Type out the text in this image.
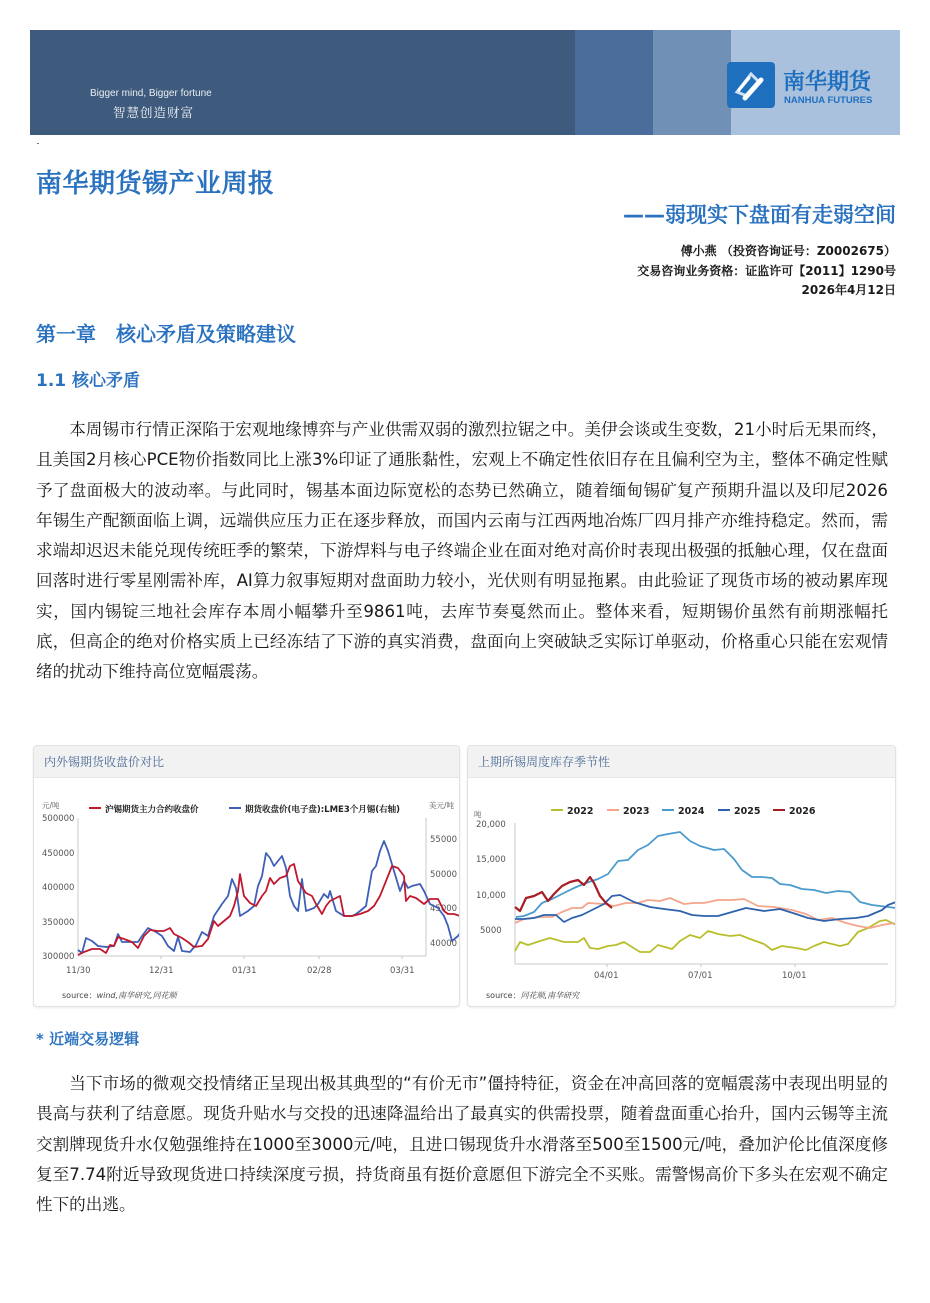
Bigger mind, Bigger fortune
智慧创造财富
南华期货
NANHUA FUTURES
南华期货锡产业周报
——弱现实下盘面有走弱空间
傅小燕 （投资咨询证号：Z0002675）
交易咨询业务资格：证监许可【2011】1290号
2026年4月12日
第一章　核心矛盾及策略建议
1.1 核心矛盾

本周锡市行情正深陷于宏观地缘博弈与产业供需双弱的激烈拉锯之中。美伊会谈或生变数，21小时后无果而终，且美国2月核心PCE物价指数同比上涨3%印证了通胀黏性，宏观上不确定性依旧存在且偏利空为主，整体不确定性赋予了盘面极大的波动率。与此同时，锡基本面边际宽松的态势已然确立，随着缅甸锡矿复产预期升温以及印尼2026年锡生产配额面临上调，远端供应压力正在逐步释放，而国内云南与江西两地冶炼厂四月排产亦维持稳定。然而，需求端却迟迟未能兑现传统旺季的繁荣，下游焊料与电子终端企业在面对绝对高价时表现出极强的抵触心理，仅在盘面回落时进行零星刚需补库，AI算力叙事短期对盘面助力较小，光伏则有明显拖累。由此验证了现货市场的被动累库现实，国内锡锭三地社会库存本周小幅攀升至9861吨，去库节奏戛然而止。整体来看，短期锡价虽然有前期涨幅托底，但高企的绝对价格实质上已经冻结了下游的真实消费，盘面向上突破缺乏实际订单驱动，价格重心只能在宏观情绪的扰动下维持高位宽幅震荡。

内外锡期货收盘价对比
元/吨	美元/吨
500000
450000
400000
350000
300000
55000
50000
45000
40000
11/30	12/31	01/31	02/28	03/31
沪锡期货主力合约收盘价	期货收盘价(电子盘):LME3个月锡(右轴)
source：wind,南华研究,同花顺
上期所锡周度库存季节性
吨
20,000
15,000
10,000
5000
04/01	07/01	10/01
2022	2023	2024	2025	2026
source：同花顺,南华研究
* 近端交易逻辑

当下市场的微观交投情绪正呈现出极其典型的“有价无市”僵持特征，资金在冲高回落的宽幅震荡中表现出明显的畏高与获利了结意愿。现货升贴水与交投的迅速降温给出了最真实的供需投票，随着盘面重心抬升，国内云锡等主流交割牌现货升水仅勉强维持在1000至3000元/吨，且进口锡现货升水滑落至500至1500元/吨，叠加沪伦比值深度修复至7.74附近导致现货进口持续深度亏损，持货商虽有挺价意愿但下游完全不买账。需警惕高价下多头在宏观不确定性下的出逃。
